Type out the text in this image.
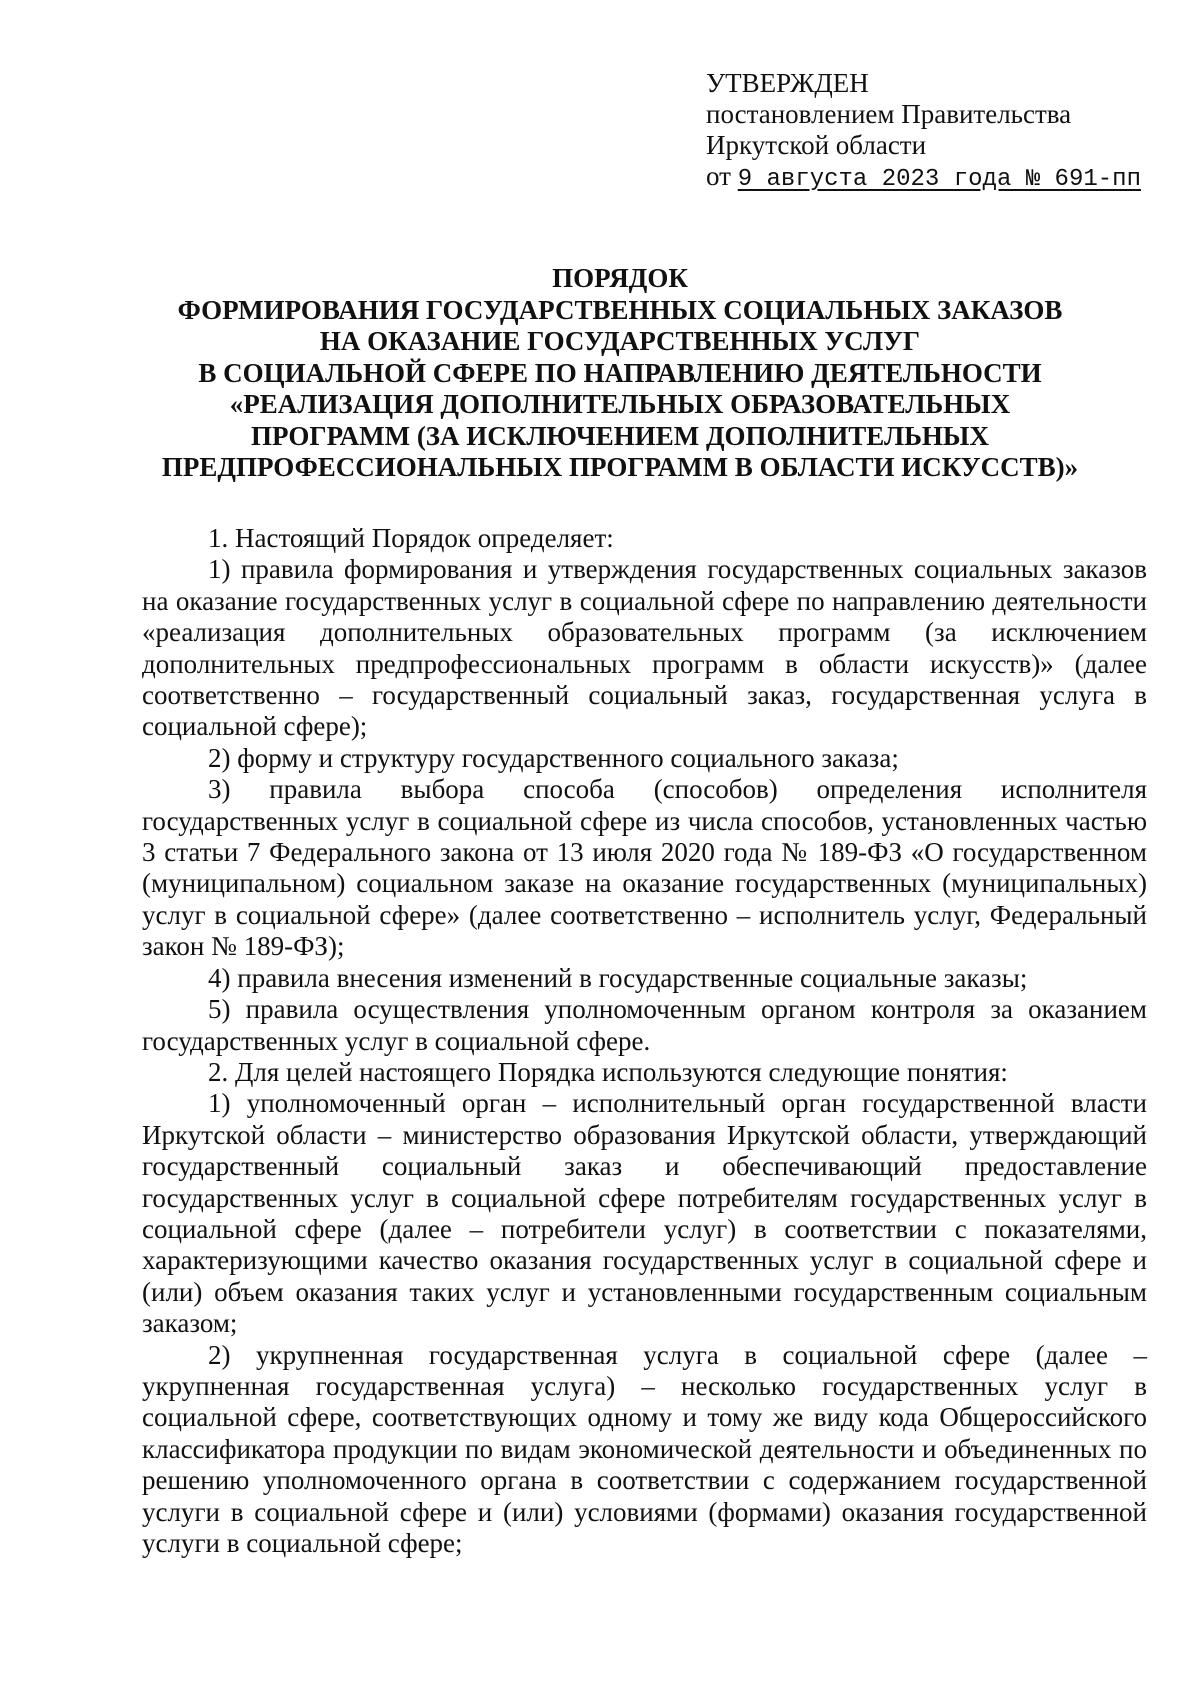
УТВЕРЖДЕН
постановлением Правительства
Иркутской области
от 9 августа 2023 года № 691-пп
ПОРЯДОК
ФОРМИРОВАНИЯ ГОСУДАРСТВЕННЫХ СОЦИАЛЬНЫХ ЗАКАЗОВ
НА ОКАЗАНИЕ ГОСУДАРСТВЕННЫХ УСЛУГ
В СОЦИАЛЬНОЙ СФЕРЕ ПО НАПРАВЛЕНИЮ ДЕЯТЕЛЬНОСТИ
«РЕАЛИЗАЦИЯ ДОПОЛНИТЕЛЬНЫХ ОБРАЗОВАТЕЛЬНЫХ
ПРОГРАММ (ЗА ИСКЛЮЧЕНИЕМ ДОПОЛНИТЕЛЬНЫХ
ПРЕДПРОФЕССИОНАЛЬНЫХ ПРОГРАММ В ОБЛАСТИ ИСКУССТВ)»

1. Настоящий Порядок определяет:

1) правила формирования и утверждения государственных социальных заказов на оказание государственных услуг в социальной сфере по направлению деятельности «реализация дополнительных образовательных программ (за исключением дополнительных предпрофессиональных программ в области искусств)» (далее соответственно – государственный социальный заказ, государственная услуга в социальной сфере);

2) форму и структуру государственного социального заказа;

3) правила выбора способа (способов) определения исполнителя государственных услуг в социальной сфере из числа способов, установленных частью 3 статьи 7 Федерального закона от 13 июля 2020 года № 189-ФЗ «О государственном (муниципальном) социальном заказе на оказание государственных (муниципальных) услуг в социальной сфере» (далее соответственно – исполнитель услуг, Федеральный закон № 189-ФЗ);

4) правила внесения изменений в государственные социальные заказы;

5) правила осуществления уполномоченным органом контроля за оказанием государственных услуг в социальной сфере.

2. Для целей настоящего Порядка используются следующие понятия:

1) уполномоченный орган – исполнительный орган государственной власти Иркутской области – министерство образования Иркутской области, утверждающий государственный социальный заказ и обеспечивающий предоставление государственных услуг в социальной сфере потребителям государственных услуг в социальной сфере (далее – потребители услуг) в соответствии с показателями, характеризующими качество оказания государственных услуг в социальной сфере и (или) объем оказания таких услуг и установленными государственным социальным заказом;

2) укрупненная государственная услуга в социальной сфере (далее – укрупненная государственная услуга) – несколько государственных услуг в социальной сфере, соответствующих одному и тому же виду кода Общероссийского классификатора продукции по видам экономической деятельности и объединенных по решению уполномоченного органа в соответствии с содержанием государственной услуги в социальной сфере и (или) условиями (формами) оказания государственной услуги в социальной сфере;
